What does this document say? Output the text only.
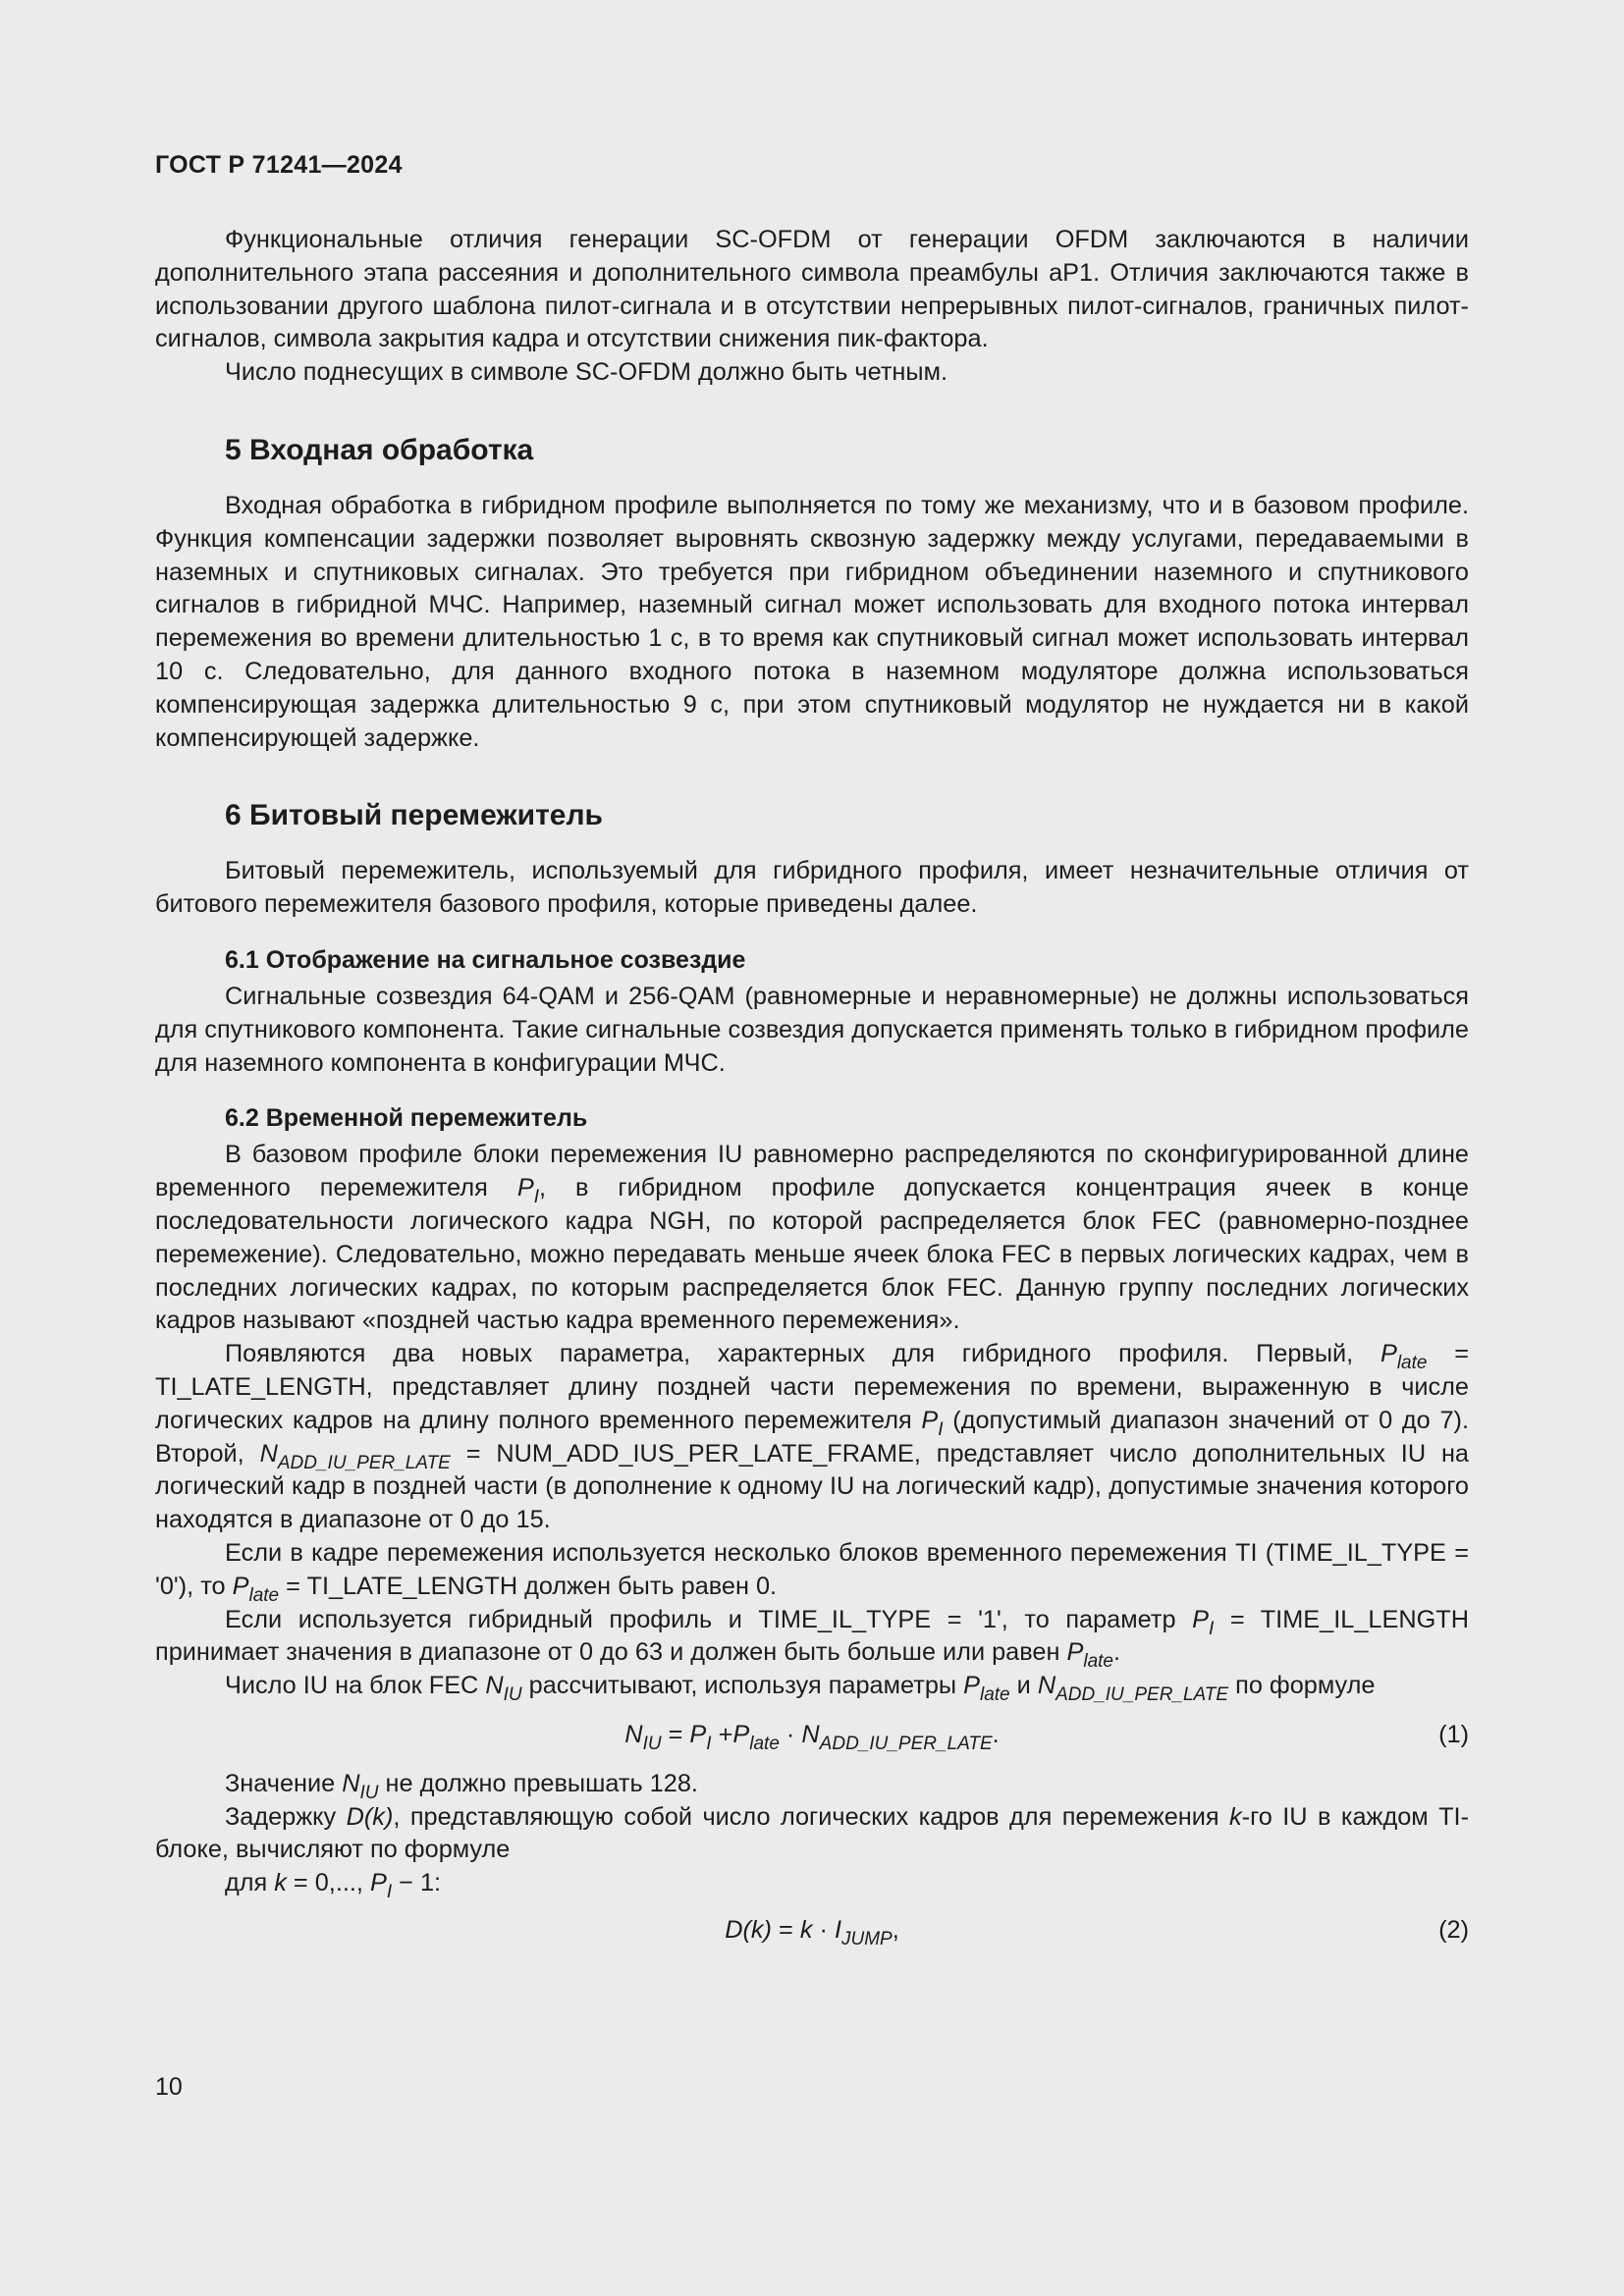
ГОСТ Р 71241—2024

Функциональные отличия генерации SC-OFDM от генерации OFDM заключаются в наличии дополнительного этапа рассеяния и дополнительного символа преамбулы aP1. Отличия заключаются также в использовании другого шаблона пилот-сигнала и в отсутствии непрерывных пилот-сигналов, граничных пилот-сигналов, символа закрытия кадра и отсутствии снижения пик-фактора.

Число поднесущих в символе SC-OFDM должно быть четным.

5 Входная обработка

Входная обработка в гибридном профиле выполняется по тому же механизму, что и в базовом профиле. Функция компенсации задержки позволяет выровнять сквозную задержку между услугами, передаваемыми в наземных и спутниковых сигналах. Это требуется при гибридном объединении наземного и спутникового сигналов в гибридной МЧС. Например, наземный сигнал может использовать для входного потока интервал перемежения во времени длительностью 1 с, в то время как спутниковый сигнал может использовать интервал 10 с. Следовательно, для данного входного потока в наземном модуляторе должна использоваться компенсирующая задержка длительностью 9 с, при этом спутниковый модулятор не нуждается ни в какой компенсирующей задержке.

6 Битовый перемежитель

Битовый перемежитель, используемый для гибридного профиля, имеет незначительные отличия от битового перемежителя базового профиля, которые приведены далее.

6.1 Отображение на сигнальное созвездие

Сигнальные созвездия 64-QAM и 256-QAM (равномерные и неравномерные) не должны использоваться для спутникового компонента. Такие сигнальные созвездия допускается применять только в гибридном профиле для наземного компонента в конфигурации МЧС.

6.2 Временной перемежитель

В базовом профиле блоки перемежения IU равномерно распределяются по сконфигурированной длине временного перемежителя $P_I$, в гибридном профиле допускается концентрация ячеек в конце последовательности логического кадра NGH, по которой распределяется блок FEC (равномерно-позднее перемежение). Следовательно, можно передавать меньше ячеек блока FEC в первых логических кадрах, чем в последних логических кадрах, по которым распределяется блок FEC. Данную группу последних логических кадров называют «поздней частью кадра временного перемежения».

Появляются два новых параметра, характерных для гибридного профиля. Первый, $P_{late}$ = TI_LATE_LENGTH, представляет длину поздней части перемежения по времени, выраженную в числе логических кадров на длину полного временного перемежителя $P_I$ (допустимый диапазон значений от 0 до 7). Второй, $N_{ADD\_IU\_PER\_LATE}$ = NUM_ADD_IUS_PER_LATE_FRAME, представляет число дополнительных IU на логический кадр в поздней части (в дополнение к одному IU на логический кадр), допустимые значения которого находятся в диапазоне от 0 до 15.

Если в кадре перемежения используется несколько блоков временного перемежения TI (TIME_IL_TYPE = '0'), то $P_{late}$ = TI_LATE_LENGTH должен быть равен 0.

Если используется гибридный профиль и TIME_IL_TYPE = '1', то параметр $P_I$ = TIME_IL_LENGTH принимает значения в диапазоне от 0 до 63 и должен быть больше или равен $P_{late}$.

Число IU на блок FEC $N_{IU}$ рассчитывают, используя параметры $P_{late}$ и $N_{ADD\_IU\_PER\_LATE}$ по формуле

$N_{IU} = P_I +P_{late} \cdot N_{ADD\_IU\_PER\_LATE}$.	(1)

Значение $N_{IU}$ не должно превышать 128.

Задержку D(k), представляющую собой число логических кадров для перемежения k-го IU в каждом TI-блоке, вычисляют по формуле

для k = 0,..., $P_I - 1$:

$D(k) = k \cdot I_{JUMP}$,	(2)
10
